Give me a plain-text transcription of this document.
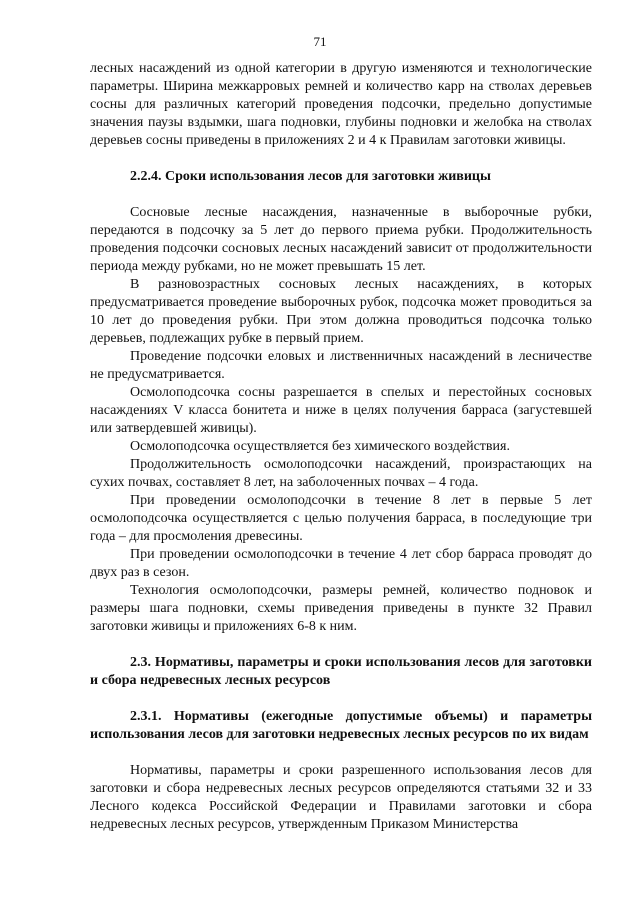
71

лесных насаждений из одной категории в другую изменяются и технологические параметры. Ширина межкарровых ремней и количество карр на стволах деревьев сосны для различных категорий проведения подсочки, предельно допустимые значения паузы вздымки, шага подновки, глубины подновки и желобка на стволах деревьев сосны приведены в приложениях 2 и 4 к Правилам заготовки живицы.

2.2.4. Сроки использования лесов для заготовки живицы

Сосновые лесные насаждения, назначенные в выборочные рубки, передаются в подсочку за 5 лет до первого приема рубки. Продолжительность проведения подсочки сосновых лесных насаждений зависит от продолжительности периода между рубками, но не может превышать 15 лет.

В разновозрастных сосновых лесных насаждениях, в которых предусматривается проведение выборочных рубок, подсочка может проводиться за 10 лет до проведения рубки. При этом должна проводиться подсочка только деревьев, подлежащих рубке в первый прием.

Проведение подсочки еловых и лиственничных насаждений в лесничестве не предусматривается.

Осмолоподсочка сосны разрешается в спелых и перестойных сосновых насаждениях V класса бонитета и ниже в целях получения барраса (загустевшей или затвердевшей живицы).

Осмолоподсочка осуществляется без химического воздействия.

Продолжительность осмолоподсочки насаждений, произрастающих на сухих почвах, составляет 8 лет, на заболоченных почвах – 4 года.

При проведении осмолоподсочки в течение 8 лет в первые 5 лет осмолоподсочка осуществляется с целью получения барраса, в последующие три года – для просмоления древесины.

При проведении осмолоподсочки в течение 4 лет сбор барраса проводят до двух раз в сезон.

Технология осмолоподсочки, размеры ремней, количество подновок и размеры шага подновки, схемы приведения приведены в пункте 32 Правил заготовки живицы и приложениях 6-8 к ним.

2.3. Нормативы, параметры и сроки использования лесов для заготовки и сбора недревесных лесных ресурсов

2.3.1. Нормативы (ежегодные допустимые объемы) и параметры использования лесов для заготовки недревесных лесных ресурсов по их видам

Нормативы, параметры и сроки разрешенного использования лесов для заготовки и сбора недревесных лесных ресурсов определяются статьями 32 и 33 Лесного кодекса Российской Федерации и Правилами заготовки и сбора недревесных лесных ресурсов, утвержденным Приказом Министерства
